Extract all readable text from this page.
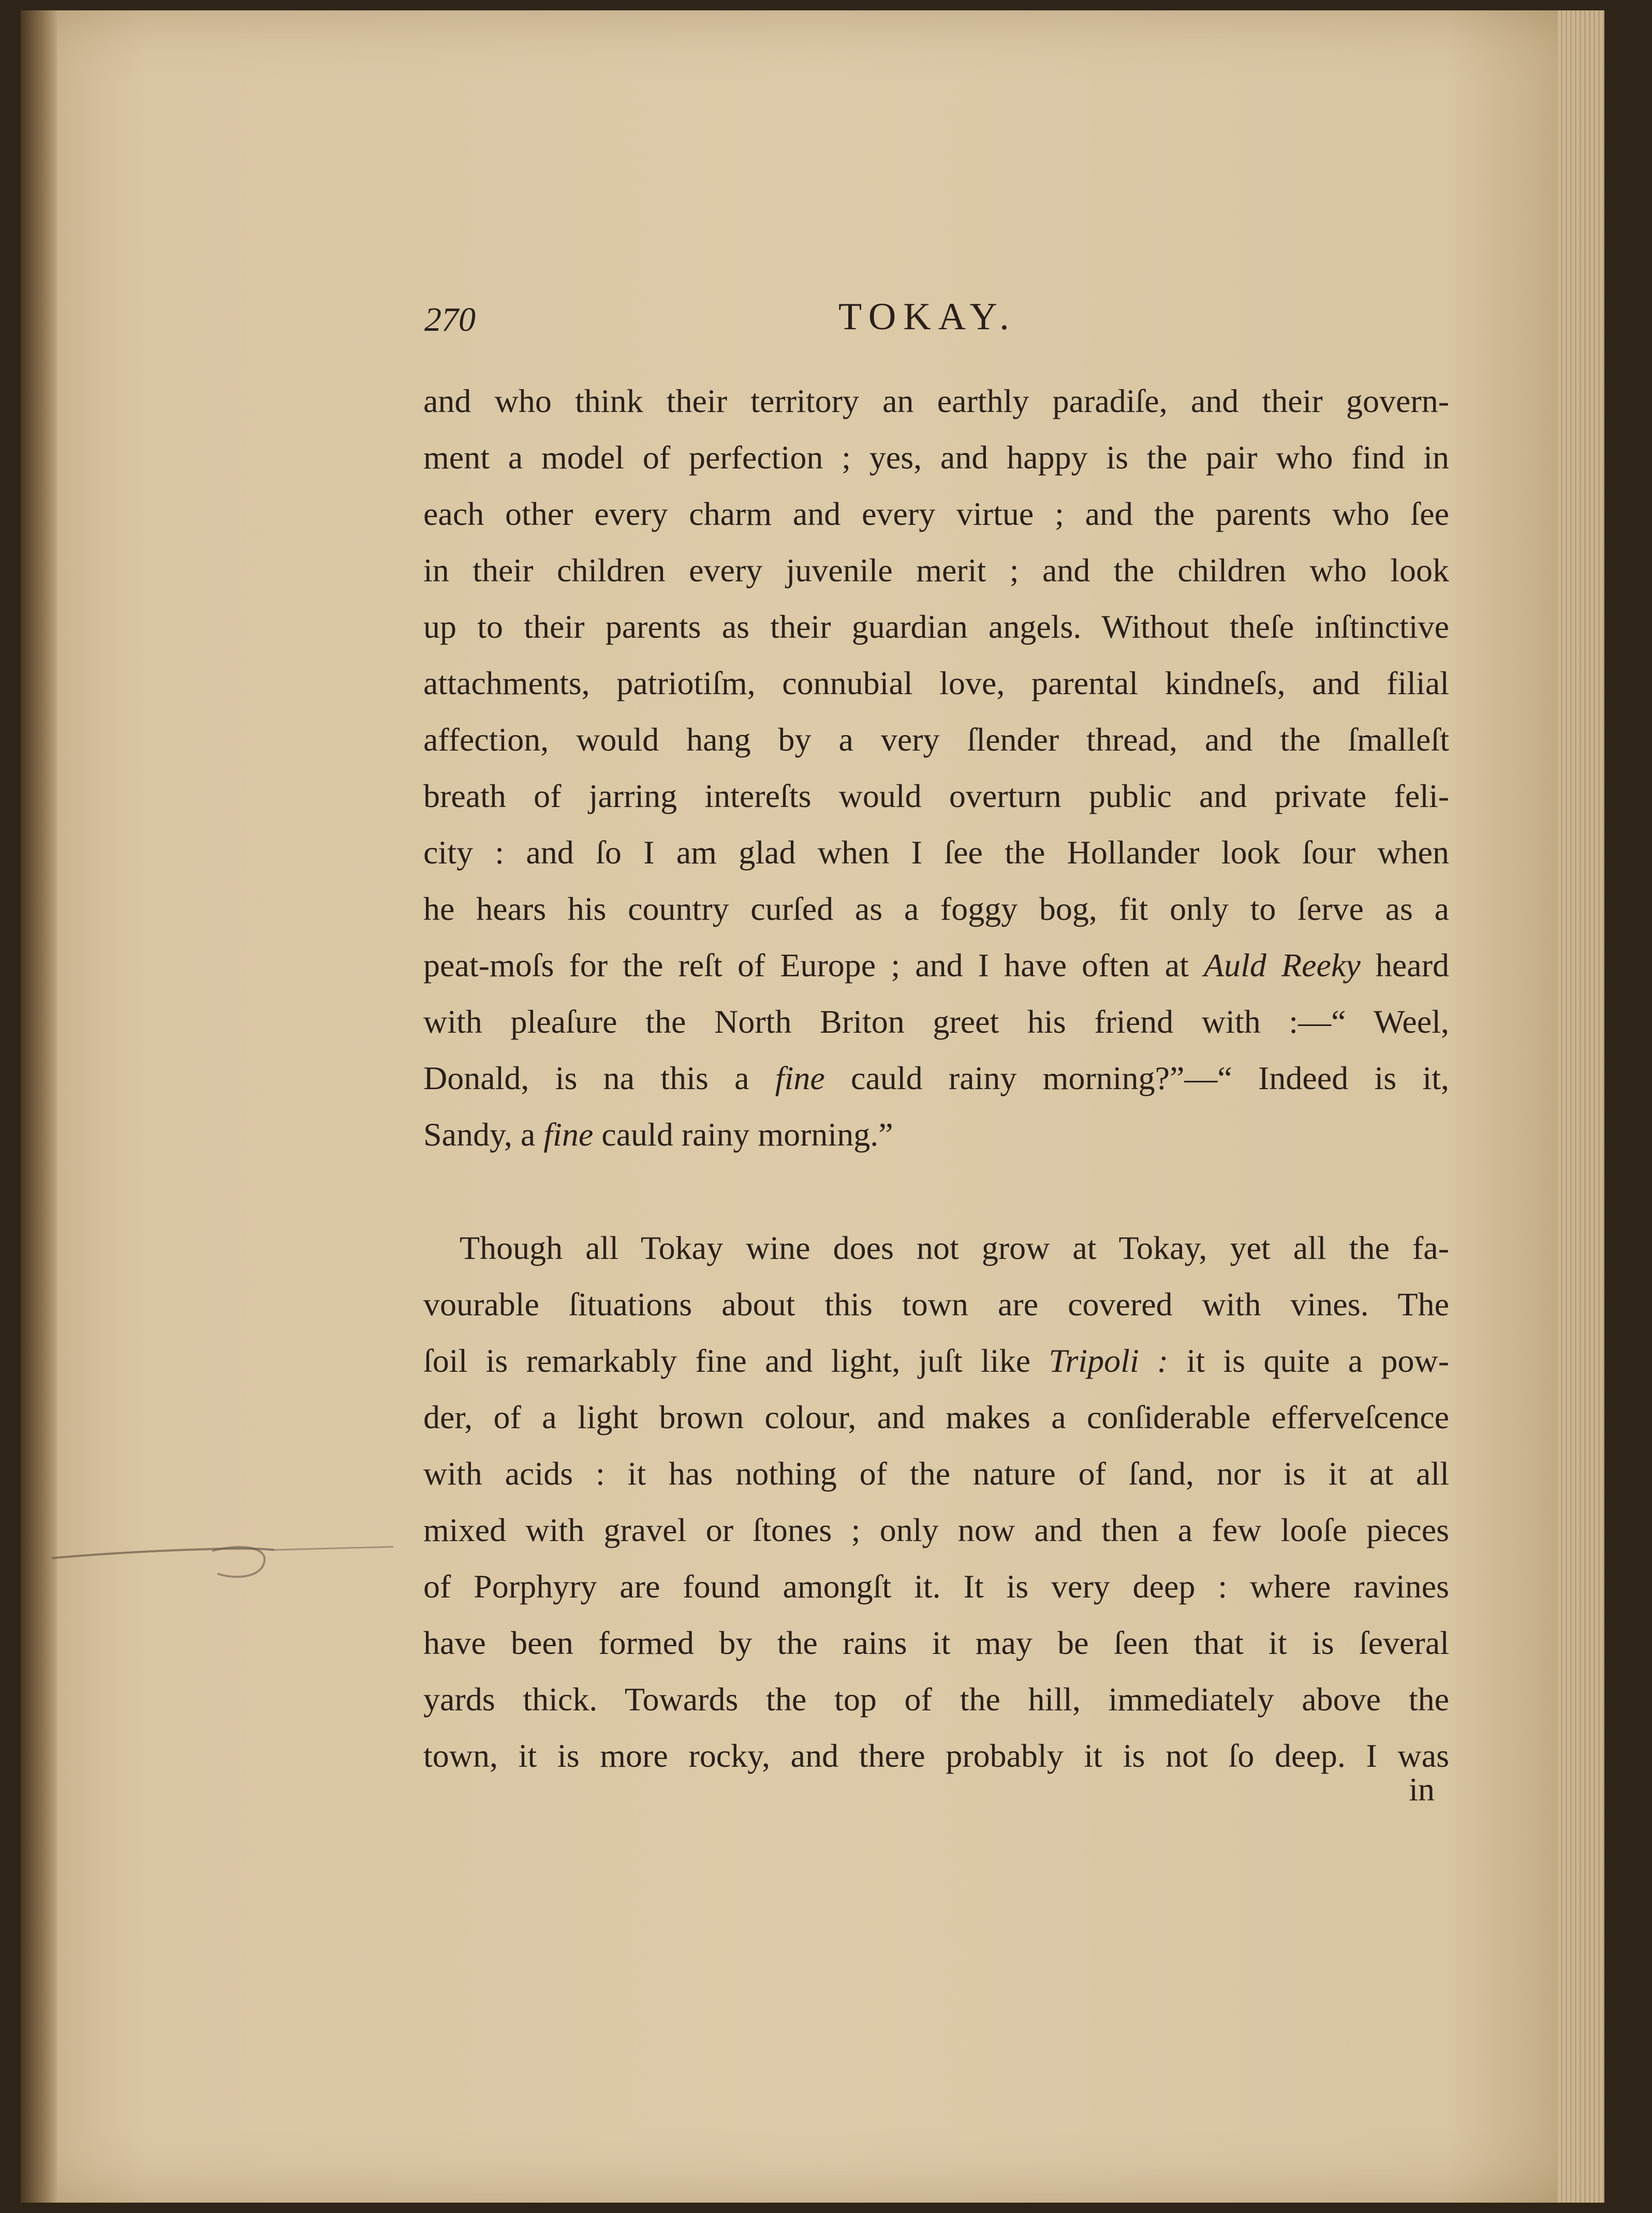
270	TOKAY.
and who think their territory an earthly paradiſe, and their govern-
ment a model of perfection ; yes, and happy is the pair who find in
each other every charm and every virtue ; and the parents who ſee
in their children every juvenile merit ; and the children who look
up to their parents as their guardian angels. Without theſe inſtinctive
attachments, patriotiſm, connubial love, parental kindneſs, and filial
affection, would hang by a very ſlender thread, and the ſmalleſt
breath of jarring intereſts would overturn public and private feli-
city : and ſo I am glad when I ſee the Hollander look ſour when
he hears his country curſed as a foggy bog, fit only to ſerve as a
peat-moſs for the reſt of Europe ; and I have often at Auld Reeky heard
with pleaſure the North Briton greet his friend with :—“ Weel,
Donald, is na this a fine cauld rainy morning?”—“ Indeed is it,
Sandy, a fine cauld rainy morning.”
Though all Tokay wine does not grow at Tokay, yet all the fa-
vourable ſituations about this town are covered with vines. The
ſoil is remarkably fine and light, juſt like Tripoli : it is quite a pow-
der, of a light brown colour, and makes a conſiderable effervеſcence
with acids : it has nothing of the nature of ſand, nor is it at all
mixed with gravel or ſtones ; only now and then a few looſe pieces
of Porphyry are found amongſt it. It is very deep : where ravines
have been formed by the rains it may be ſeen that it is ſeveral
yards thick. Towards the top of the hill, immediately above the
town, it is more rocky, and there probably it is not ſo deep. I was
in
